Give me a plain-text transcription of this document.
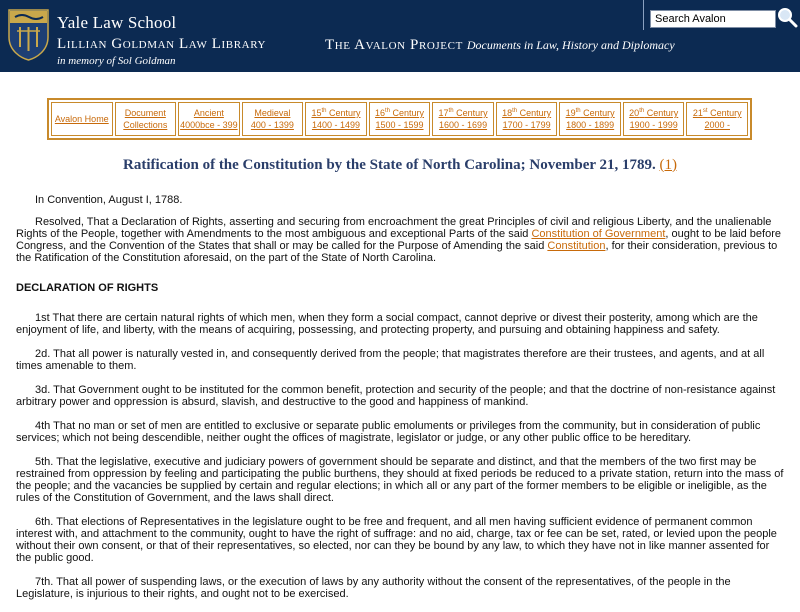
Yale Law School
Lillian Goldman Law Library
in memory of Sol Goldman
The Avalon Project Documents in Law, History and Diplomacy
Search Avalon
Avalon Home
Document
Collections
Ancient
4000bce - 399
Medieval
400 - 1399
15th Century
1400 - 1499
16th Century
1500 - 1599
17th Century
1600 - 1699
18th Century
1700 - 1799
19th Century
1800 - 1899
20th Century
1900 - 1999
21st Century
2000 -
Ratification of the Constitution by the State of North Carolina; November 21, 1789. (1)

In Convention, August I, 1788.

Resolved, That a Declaration of Rights, asserting and securing from encroachment the great Principles of civil and religious Liberty, and the unalienable Rights of the People, together with Amendments to the most ambiguous and exceptional Parts of the said Constitution of Government, ought to be laid before Congress, and the Convention of the States that shall or may be called for the Purpose of Amending the said Constitution, for their consideration, previous to the Ratification of the Constitution aforesaid, on the part of the State of North Carolina.

DECLARATION OF RIGHTS

1st That there are certain natural rights of which men, when they form a social compact, cannot deprive or divest their posterity, among which are the enjoyment of life, and liberty, with the means of acquiring, possessing, and protecting property, and pursuing and obtaining happiness and safety.

2d. That all power is naturally vested in, and consequently derived from the people; that magistrates therefore are their trustees, and agents, and at all times amenable to them.

3d. That Government ought to be instituted for the common benefit, protection and security of the people; and that the doctrine of non-resistance against arbitrary power and oppression is absurd, slavish, and destructive to the good and happiness of mankind.

4th That no man or set of men are entitled to exclusive or separate public emoluments or privileges from the community, but in consideration of public services; which not being descendible, neither ought the offices of magistrate, legislator or judge, or any other public office to be hereditary.

5th. That the legislative, executive and judiciary powers of government should be separate and distinct, and that the members of the two first may be restrained from oppression by feeling and participating the public burthens, they should at fixed periods be reduced to a private station, return into the mass of the people; and the vacancies be supplied by certain and regular elections; in which all or any part of the former members to be eligible or ineligible, as the rules of the Constitution of Government, and the laws shall direct.

6th. That elections of Representatives in the legislature ought to be free and frequent, and all men having sufficient evidence of permanent common interest with, and attachment to the community, ought to have the right of suffrage: and no aid, charge, tax or fee can be set, rated, or levied upon the people without their own consent, or that of their representatives, so elected, nor can they be bound by any law, to which they have not in like manner assented for the public good.

7th. That all power of suspending laws, or the execution of laws by any authority without the consent of the representatives, of the people in the Legislature, is injurious to their rights, and ought not to be exercised.
